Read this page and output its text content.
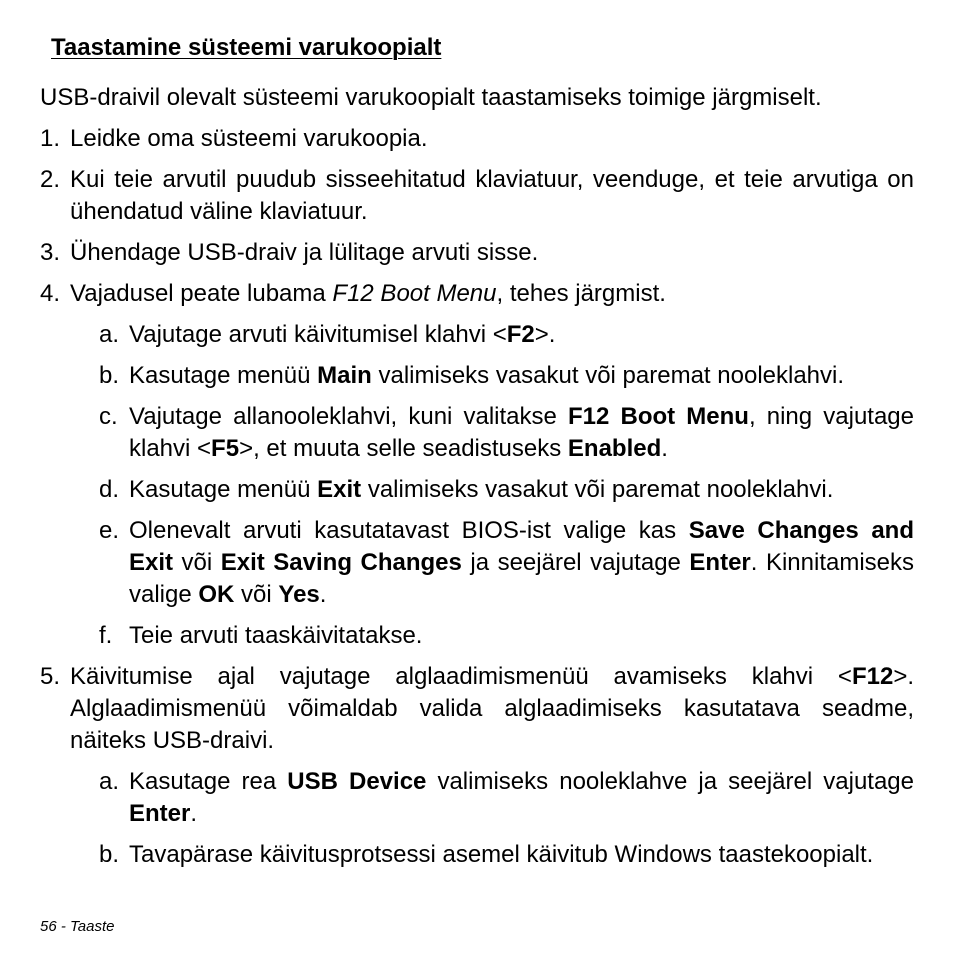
Taastamine süsteemi varukoopialt

USB-draivil olevalt süsteemi varukoopialt taastamiseks toimige järgmiselt.

1. Leidke oma süsteemi varukoopia.
2. Kui teie arvutil puudub sisseehitatud klaviatuur, veenduge, et teie arvutiga on ühendatud väline klaviatuur.
3. Ühendage USB-draiv ja lülitage arvuti sisse.
4. Vajadusel peate lubama F12 Boot Menu, tehes järgmist.
a. Vajutage arvuti käivitumisel klahvi <F2>.
b. Kasutage menüü Main valimiseks vasakut või paremat nooleklahvi.
c. Vajutage allanooleklahvi, kuni valitakse F12 Boot Menu, ning vajutage klahvi <F5>, et muuta selle seadistuseks Enabled.
d. Kasutage menüü Exit valimiseks vasakut või paremat nooleklahvi.
e. Olenevalt arvuti kasutatavast BIOS-ist valige kas Save Changes and Exit või Exit Saving Changes ja seejärel vajutage Enter. Kinnitamiseks valige OK või Yes.
f. Teie arvuti taaskäivitatakse.
5. Käivitumise ajal vajutage alglaadimismenüü avamiseks klahvi <F12>. Alglaadimismenüü võimaldab valida alglaadimiseks kasutatava seadme, näiteks USB-draivi.
a. Kasutage rea USB Device valimiseks nooleklahve ja seejärel vajutage Enter.
b. Tavapärase käivitusprotsessi asemel käivitub Windows taastekoopialt.
56 - Taaste
